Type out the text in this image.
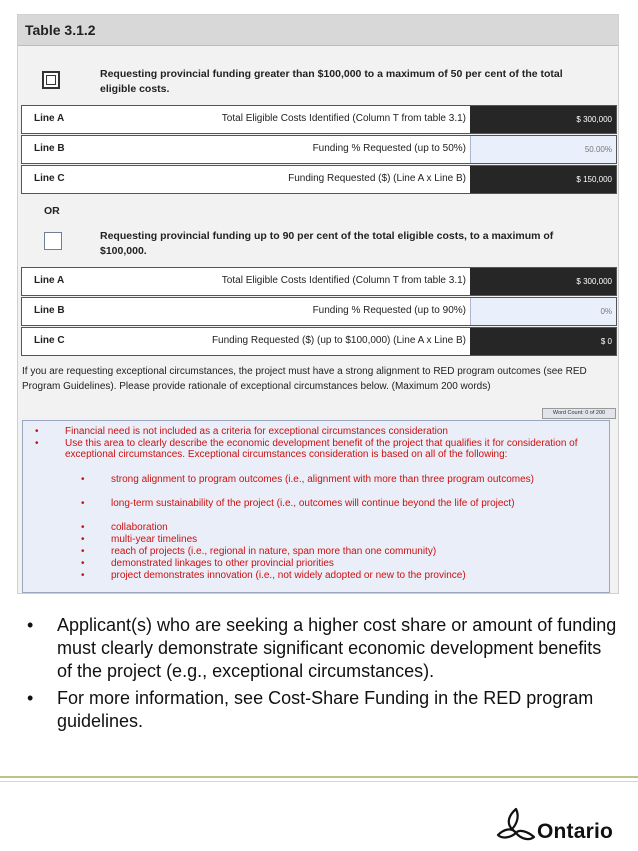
Table 3.1.2
Requesting provincial funding greater than $100,000 to a maximum of 50 per cent of the total eligible costs.
Line A	Total Eligible Costs Identified (Column T from table 3.1)	$ 300,000
Line B	Funding % Requested (up to 50%)	50.00%
Line C	Funding Requested ($) (Line A x Line B)	$ 150,000
OR
Requesting provincial funding up to 90 per cent of the total eligible costs, to a maximum of $100,000.
Line A	Total Eligible Costs Identified (Column T from table 3.1)	$ 300,000
Line B	Funding % Requested (up to 90%)	0%
Line C	Funding Requested ($) (up to $100,000) (Line A x Line B)	$ 0
If you are requesting exceptional circumstances, the project must have a strong alignment to RED program outcomes (see RED Program Guidelines). Please provide rationale of exceptional circumstances below. (Maximum 200 words)
Word Count: 0 of 200
•	Financial need is not included as a criteria for exceptional circumstances consideration
•	Use this area to clearly describe the economic development benefit of the project that qualifies it for consideration of exceptional circumstances. Exceptional circumstances consideration is based on all of the following:
•	strong alignment to program outcomes (i.e., alignment with more than three program outcomes)
•	long-term sustainability of the project (i.e., outcomes will continue beyond the life of project)
•	collaboration
•	multi-year timelines
•	reach of projects (i.e., regional in nature, span more than one community)
•	demonstrated linkages to other provincial priorities
•	project demonstrates innovation (i.e., not widely adopted or new to the province)
• Applicant(s) who are seeking a higher cost share or amount of funding must clearly demonstrate significant economic development benefits of the project (e.g., exceptional circumstances).
• For more information, see Cost-Share Funding in the RED program guidelines.
Ontario
